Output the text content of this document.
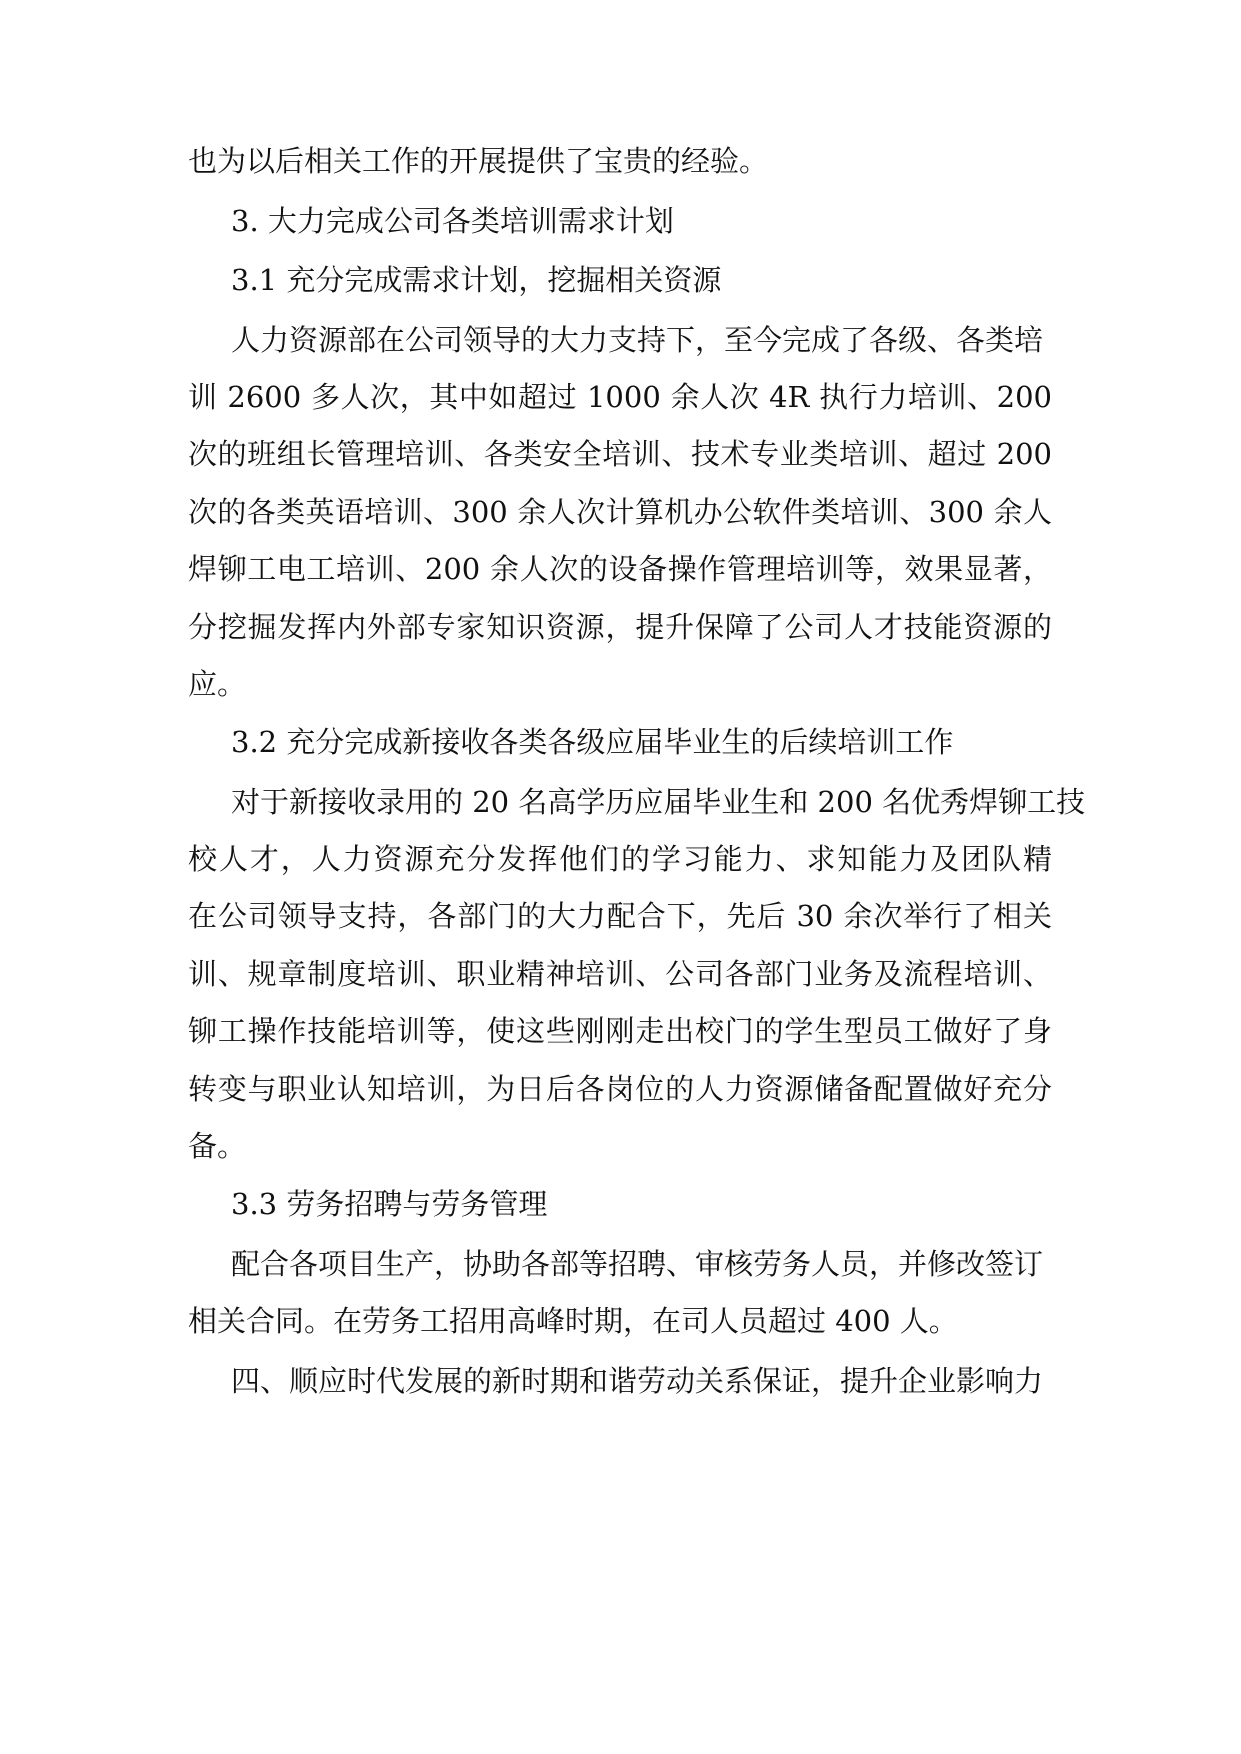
也为以后相关工作的开展提供了宝贵的经验。
3. 大力完成公司各类培训需求计划
3.1 充分完成需求计划，挖掘相关资源
人力资源部在公司领导的大力支持下，至今完成了各级、各类培
训 2600 多人次，其中如超过 1000 余人次 4R 执行力培训、200
次的班组长管理培训、各类安全培训、技术专业类培训、超过 200
次的各类英语培训、300 余人次计算机办公软件类培训、300 余人
焊铆工电工培训、200 余人次的设备操作管理培训等，效果显著，
分挖掘发挥内外部专家知识资源，提升保障了公司人才技能资源的
应。
3.2 充分完成新接收各类各级应届毕业生的后续培训工作
对于新接收录用的 20 名高学历应届毕业生和 200 名优秀焊铆工技
校人才，人力资源充分发挥他们的学习能力、求知能力及团队精
在公司领导支持，各部门的大力配合下，先后 30 余次举行了相关
训、规章制度培训、职业精神培训、公司各部门业务及流程培训、
铆工操作技能培训等，使这些刚刚走出校门的学生型员工做好了身
转变与职业认知培训，为日后各岗位的人力资源储备配置做好充分
备。
3.3 劳务招聘与劳务管理
配合各项目生产，协助各部等招聘、审核劳务人员，并修改签订
相关合同。在劳务工招用高峰时期，在司人员超过 400 人。
四、顺应时代发展的新时期和谐劳动关系保证，提升企业影响力
